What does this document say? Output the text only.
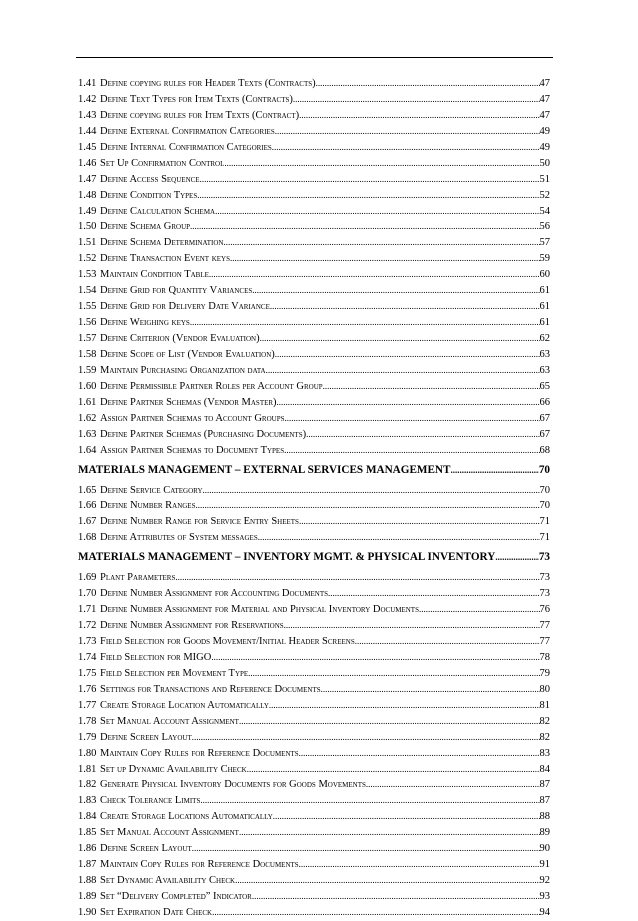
1.41 Define copying rules for Header Texts (Contracts) .....	47
1.42 Define Text Types for Item Texts (Contracts) .....	47
1.43 Define copying rules for Item Texts (Contract) .....	47
1.44 Define External Confirmation Categories .....	49
1.45 Define Internal Confirmation Categories .....	49
1.46 Set Up Confirmation Control .....	50
1.47 Define Access Sequence .....	51
1.48 Define Condition Types .....	52
1.49 Define Calculation Schema .....	54
1.50 Define Schema Group .....	56
1.51 Define Schema Determination .....	57
1.52 Define Transaction Event keys .....	59
1.53 Maintain Condition Table .....	60
1.54 Define Grid for Quantity Variances .....	61
1.55 Define Grid for Delivery Date Variance .....	61
1.56 Define Weighing keys .....	61
1.57 Define Criterion (Vendor Evaluation) .....	62
1.58 Define Scope of List (Vendor Evaluation) .....	63
1.59 Maintain Purchasing Organization data .....	63
1.60 Define Permissible Partner Roles per Account Group .....	65
1.61 Define Partner Schemas (Vendor Master) .....	66
1.62 Assign Partner Schemas to Account Groups .....	67
1.63 Define Partner Schemas (Purchasing Documents) .....	67
1.64 Assign Partner Schemas to Document Types .....	68
MATERIALS MANAGEMENT – EXTERNAL SERVICES MANAGEMENT .....	70
1.65 Define Service Category .....	70
1.66 Define Number Ranges .....	70
1.67 Define Number Range for Service Entry Sheets .....	71
1.68 Define Attributes of System messages .....	71
MATERIALS MANAGEMENT – INVENTORY MGMT. & PHYSICAL INVENTORY .....	73
1.69 Plant Parameters .....	73
1.70 Define Number Assignment for Accounting Documents .....	73
1.71 Define Number Assignment for Material and Physical Inventory Documents .....	76
1.72 Define Number Assignment for Reservations .....	77
1.73 Field Selection for Goods Movement/Initial Header Screens .....	77
1.74 Field Selection for MIGO .....	78
1.75 Field Selection per Movement Type .....	79
1.76 Settings for Transactions and Reference Documents .....	80
1.77 Create Storage Location Automatically .....	81
1.78 Set Manual Account Assignment .....	82
1.79 Define Screen Layout .....	82
1.80 Maintain Copy Rules for Reference Documents .....	83
1.81 Set up Dynamic Availability Check .....	84
1.82 Generate Physical Inventory Documents for Goods Movements .....	87
1.83 Check Tolerance Limits .....	87
1.84 Create Storage Locations Automatically .....	88
1.85 Set Manual Account Assignment .....	89
1.86 Define Screen Layout .....	90
1.87 Maintain Copy Rules for Reference Documents .....	91
1.88 Set Dynamic Availability Check .....	92
1.89 Set “Delivery Completed” Indicator .....	93
1.90 Set Expiration Date Check .....	94
